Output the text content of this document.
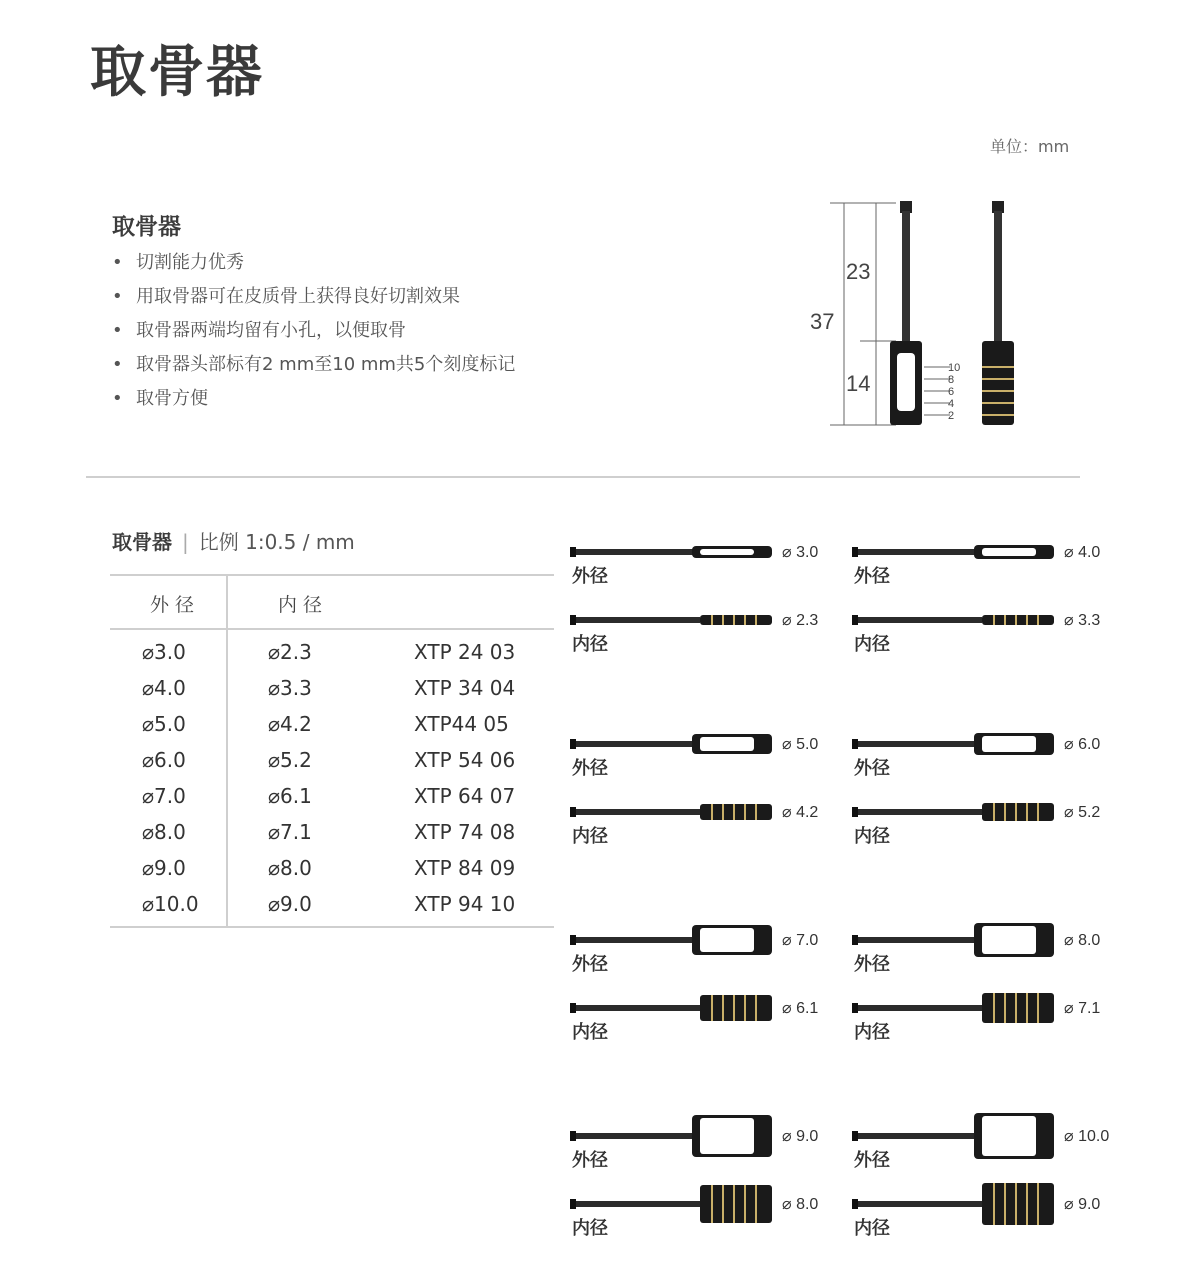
取骨器
单位：mm
取骨器
• 切割能力优秀
• 用取骨器可在皮质骨上获得良好切割效果
• 取骨器两端均留有小孔，以便取骨
• 取骨器头部标有2 mm至10 mm共5个刻度标记
• 取骨方便
37
23
14
10
8
6
4
2
取骨器 | 比例 1:0.5 / mm
外 径	内 径
⌀3.0	⌀2.3	XTP 24 03
⌀4.0	⌀3.3	XTP 34 04
⌀5.0	⌀4.2	XTP44 05
⌀6.0	⌀5.2	XTP 54 06
⌀7.0	⌀6.1	XTP 64 07
⌀8.0	⌀7.1	XTP 74 08
⌀9.0	⌀8.0	XTP 84 09
⌀10.0	⌀9.0	XTP 94 10
⌀ 3.0
外径
⌀ 2.3
内径
⌀ 4.0
外径
⌀ 3.3
内径
⌀ 5.0
外径
⌀ 4.2
内径
⌀ 6.0
外径
⌀ 5.2
内径
⌀ 7.0
外径
⌀ 6.1
内径
⌀ 8.0
外径
⌀ 7.1
内径
⌀ 9.0
外径
⌀ 8.0
内径
⌀ 10.0
外径
⌀ 9.0
内径
